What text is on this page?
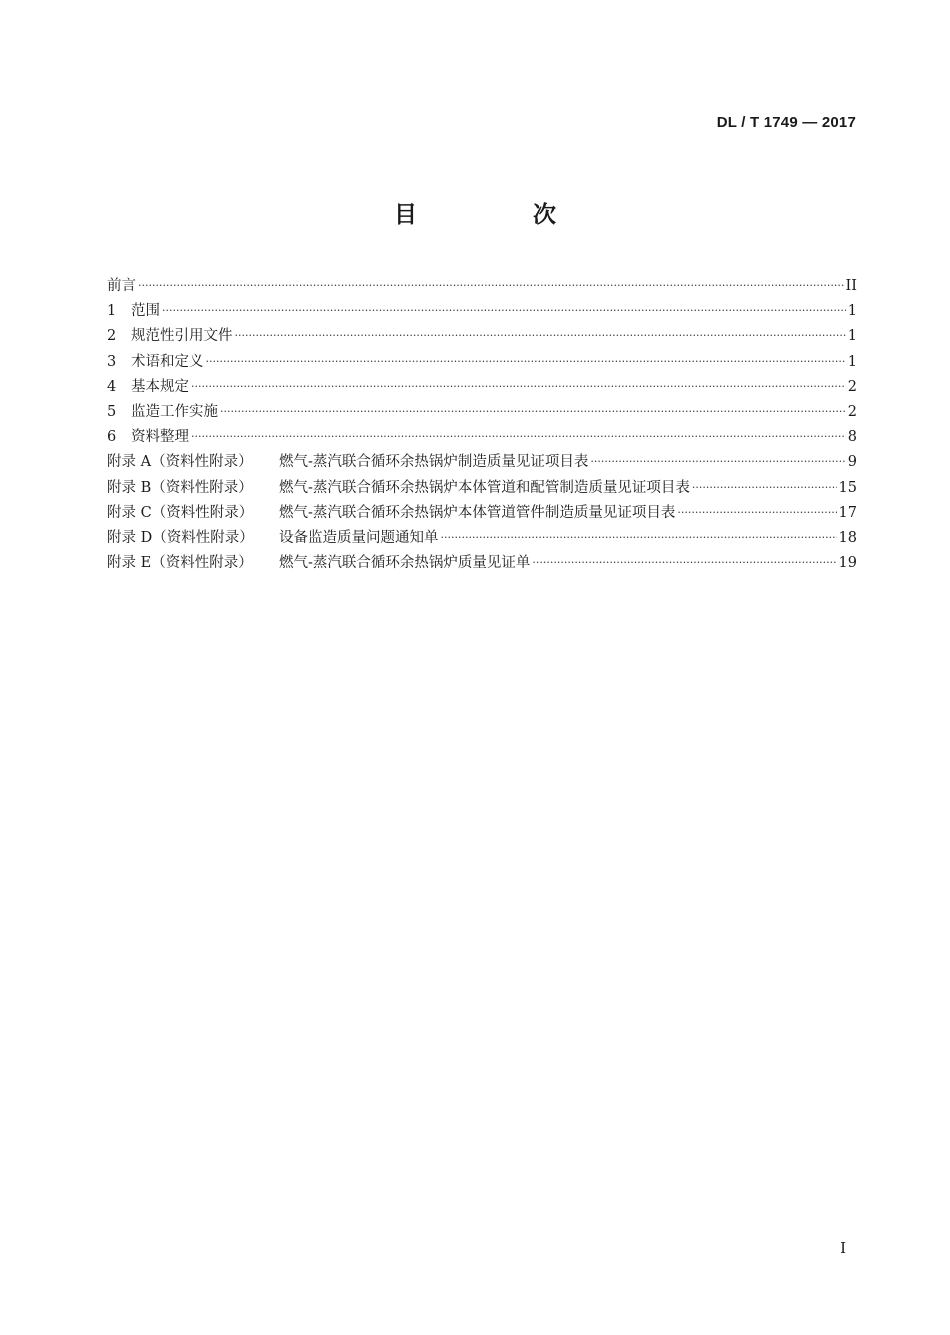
DL / T 1749 — 2017
目 次
前言 ·····	II
1 范围 ·····	1
2 规范性引用文件 ·····	1
3 术语和定义 ·····	1
4 基本规定 ·····	2
5 监造工作实施 ·····	2
6 资料整理 ·····	8
附录 A（资料性附录） 燃气-蒸汽联合循环余热锅炉制造质量见证项目表 ·····	9
附录 B（资料性附录） 燃气-蒸汽联合循环余热锅炉本体管道和配管制造质量见证项目表 ·····	15
附录 C（资料性附录） 燃气-蒸汽联合循环余热锅炉本体管道管件制造质量见证项目表 ·····	17
附录 D（资料性附录） 设备监造质量问题通知单 ·····	18
附录 E（资料性附录） 燃气-蒸汽联合循环余热锅炉质量见证单 ·····	19
I
